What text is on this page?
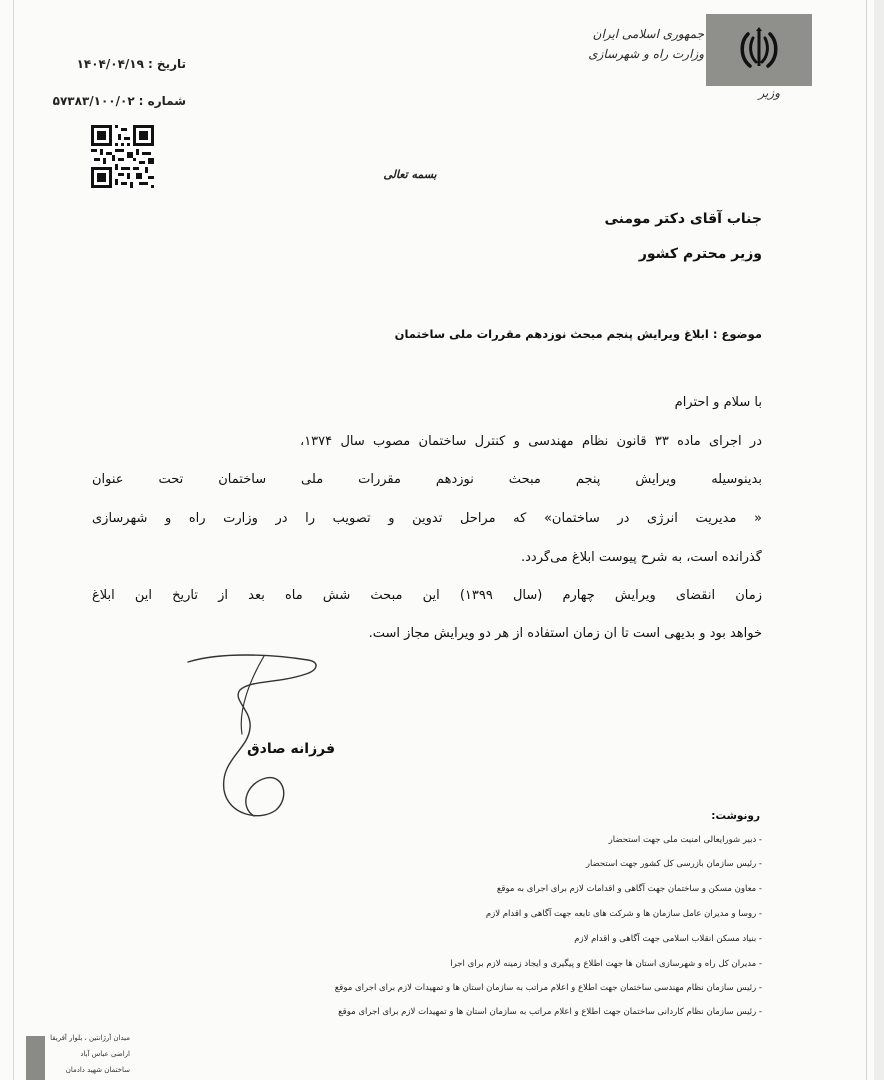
جمهوری اسلامی ایران
وزارت راه و شهرسازی
وزیر
تاریخ :۱۴۰۴/۰۴/۱۹
شماره :۵۷۳۸۳/۱۰۰/۰۲
بسمه تعالی
جناب آقای دکتر مومنی
وزیر محترم کشور
موضوع : ابلاغ ویرایش پنجم مبحث نوزدهم مقررات ملی ساختمان
با سلام و احترام
در اجرای ماده ۳۳ قانون نظام مهندسی و کنترل ساختمان مصوب سال ۱۳۷۴،
بدینوسیله ویرایش پنجم مبحث نوزدهم مقررات ملی ساختمان تحت عنوان
« مدیریت انرژی در ساختمان» که مراحل تدوین و تصویب را در وزارت راه و شهرسازی
گذرانده است، به شرح پیوست ابلاغ می‌گردد.
زمان انقضای ویرایش چهارم (سال ۱۳۹۹) این مبحث شش ماه بعد از تاریخ این ابلاغ
خواهد بود و بدیهی است تا آن زمان استفاده از هر دو ویرایش مجاز است.
فرزانه صادق
رونوشت:
- دبیر شورایعالی امنیت ملی جهت استحضار
- رئیس سازمان بازرسی کل کشور جهت استحضار
- معاون مسکن و ساختمان جهت آگاهی و اقدامات لازم برای اجرای به موقع
- روسا و مدیران عامل سازمان ها و شرکت های تابعه جهت آگاهی و اقدام لازم
- بنیاد مسکن انقلاب اسلامی جهت آگاهی و اقدام لازم
- مدیران کل راه و شهرسازی استان ها جهت اطلاع و پیگیری و ایجاد زمینه لازم برای اجرا
- رئیس سازمان نظام مهندسی ساختمان جهت اطلاع و اعلام مراتب به سازمان استان ها و تمهیدات لازم برای اجرای موقع
- رئیس سازمان نظام کاردانی ساختمان جهت اطلاع و اعلام مراتب به سازمان استان ها و تمهیدات لازم برای اجرای موقع
میدان آرژانتین ، بلوار آفریقا
اراضی عباس آباد
ساختمان شهید دادمان
